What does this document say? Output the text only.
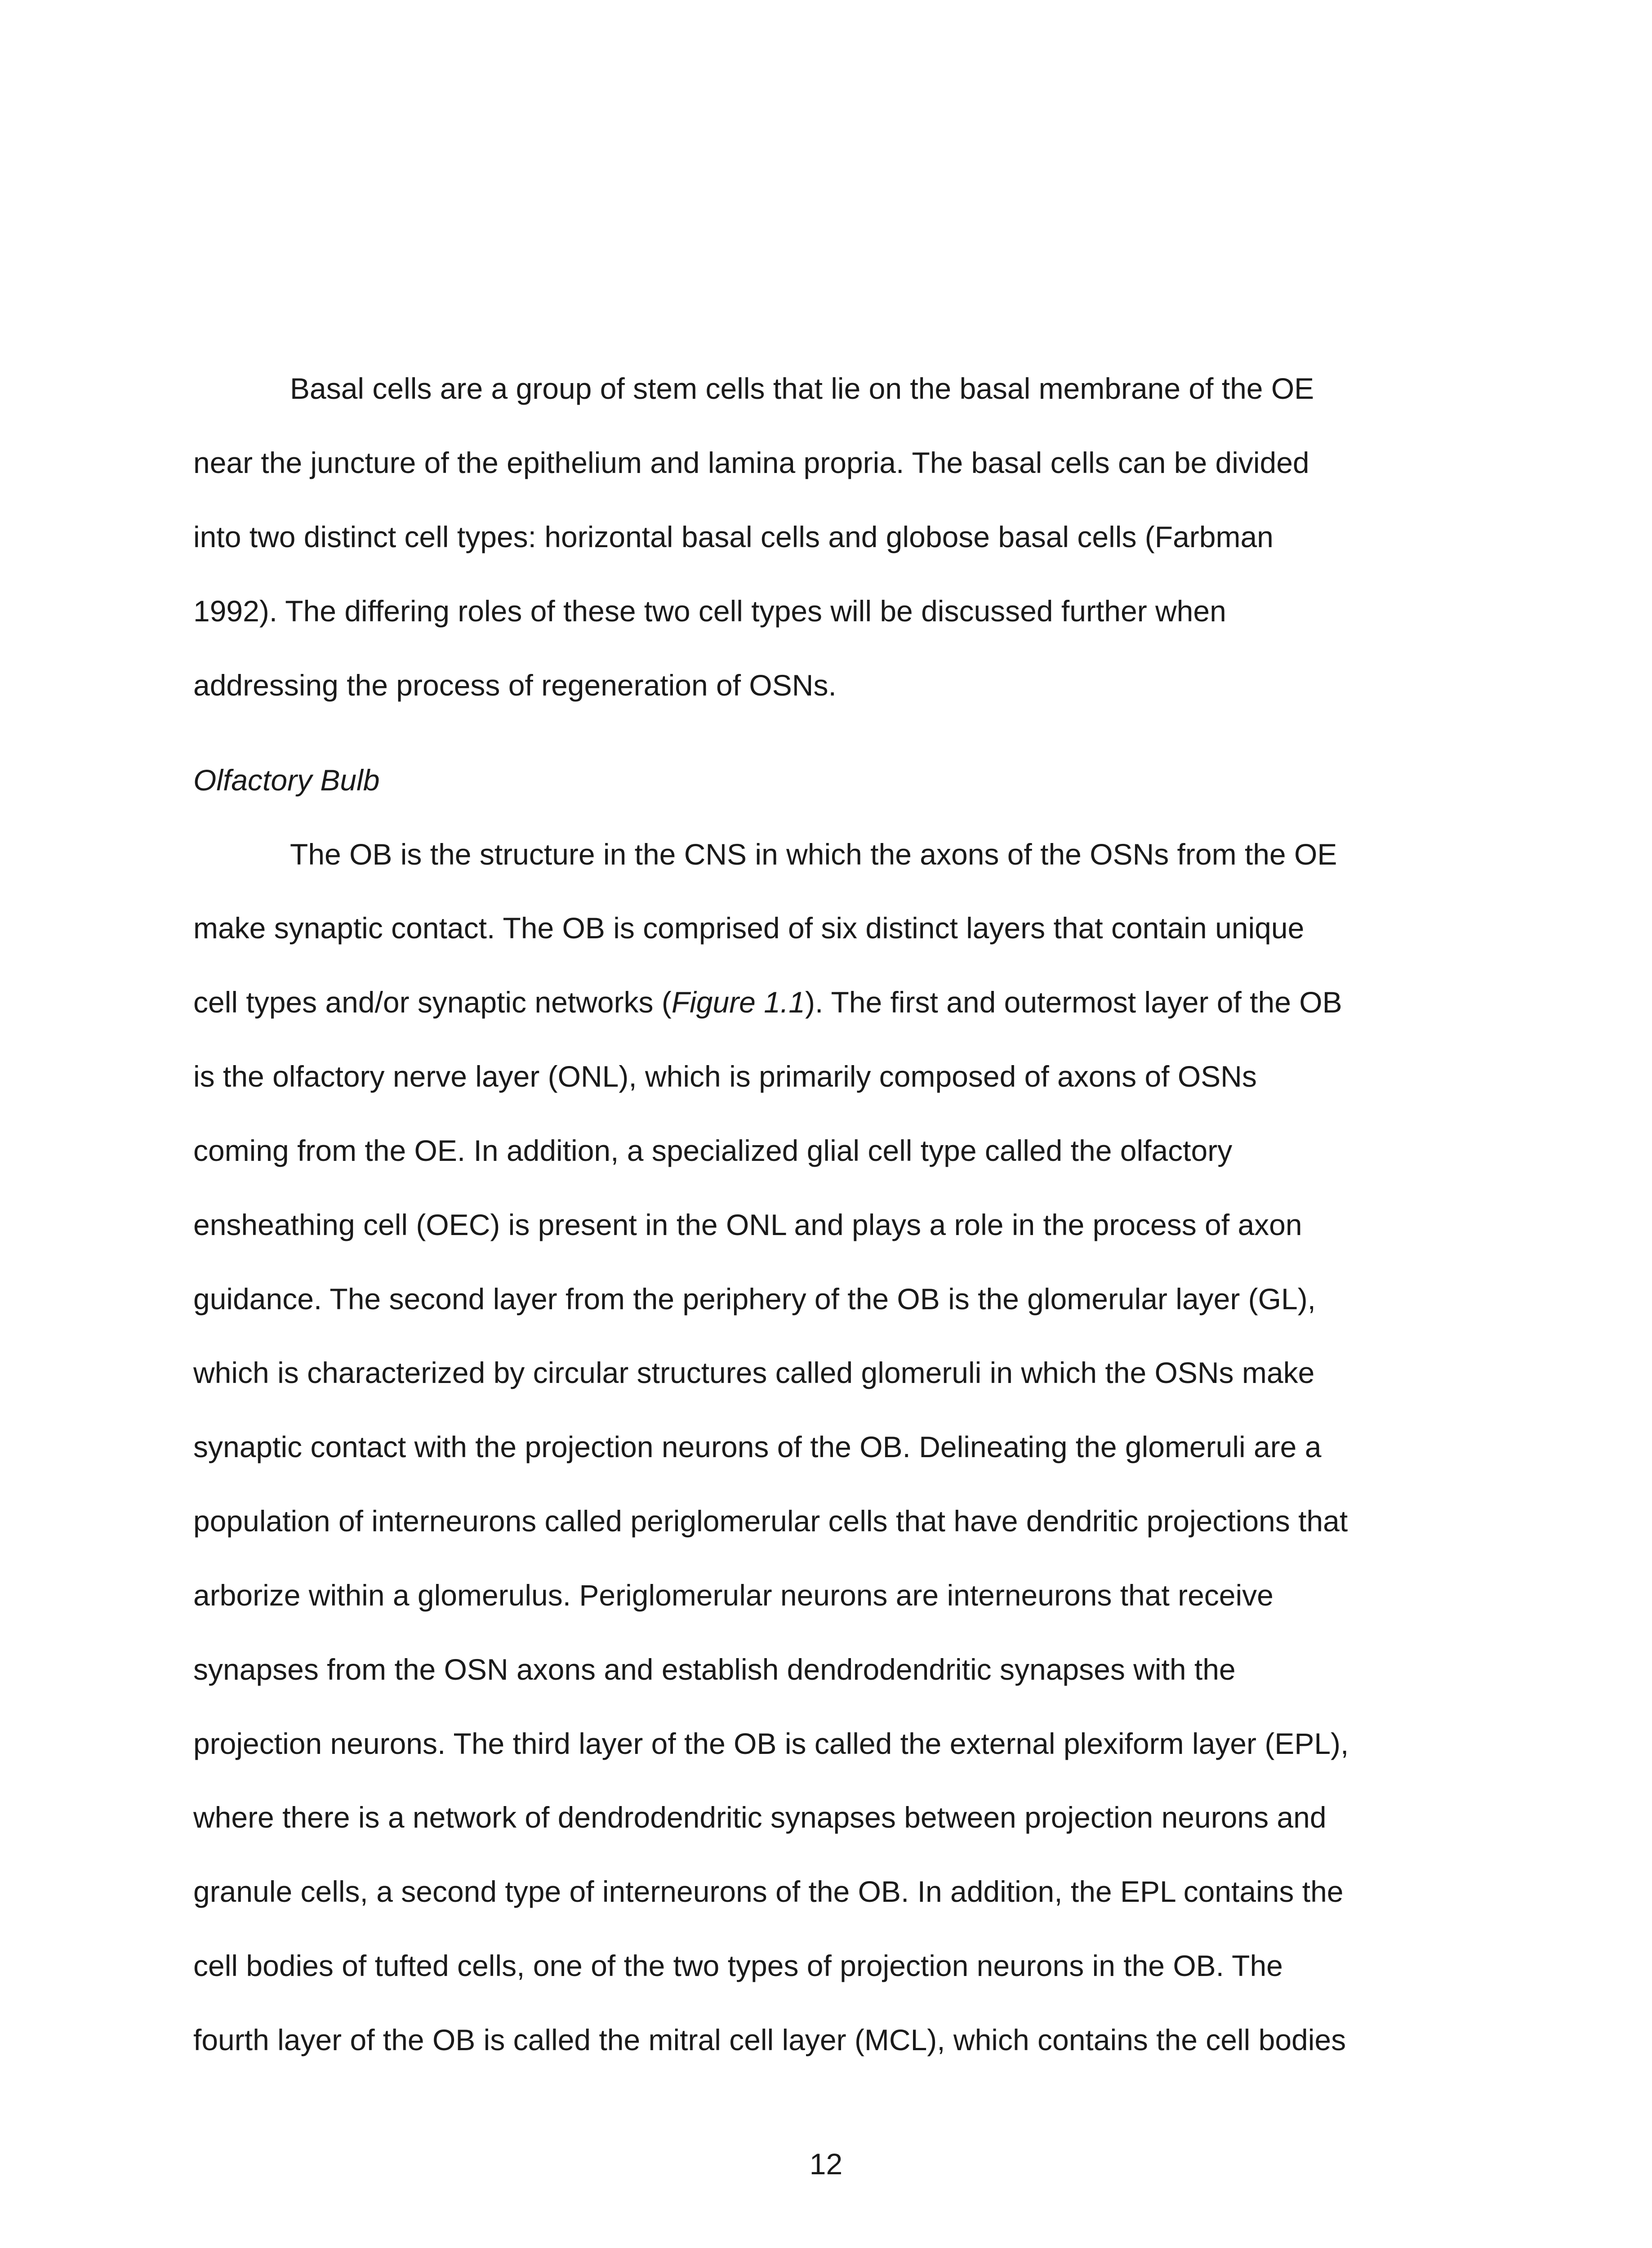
Basal cells are a group of stem cells that lie on the basal membrane of the OE
near the juncture of the epithelium and lamina propria. The basal cells can be divided
into two distinct cell types: horizontal basal cells and globose basal cells (Farbman
1992). The differing roles of these two cell types will be discussed further when
addressing the process of regeneration of OSNs.
Olfactory Bulb
The OB is the structure in the CNS in which the axons of the OSNs from the OE
make synaptic contact. The OB is comprised of six distinct layers that contain unique
cell types and/or synaptic networks (Figure 1.1). The first and outermost layer of the OB
is the olfactory nerve layer (ONL), which is primarily composed of axons of OSNs
coming from the OE. In addition, a specialized glial cell type called the olfactory
ensheathing cell (OEC) is present in the ONL and plays a role in the process of axon
guidance. The second layer from the periphery of the OB is the glomerular layer (GL),
which is characterized by circular structures called glomeruli in which the OSNs make
synaptic contact with the projection neurons of the OB. Delineating the glomeruli are a
population of interneurons called periglomerular cells that have dendritic projections that
arborize within a glomerulus. Periglomerular neurons are interneurons that receive
synapses from the OSN axons and establish dendrodendritic synapses with the
projection neurons. The third layer of the OB is called the external plexiform layer (EPL),
where there is a network of dendrodendritic synapses between projection neurons and
granule cells, a second type of interneurons of the OB. In addition, the EPL contains the
cell bodies of tufted cells, one of the two types of projection neurons in the OB. The
fourth layer of the OB is called the mitral cell layer (MCL), which contains the cell bodies
12
